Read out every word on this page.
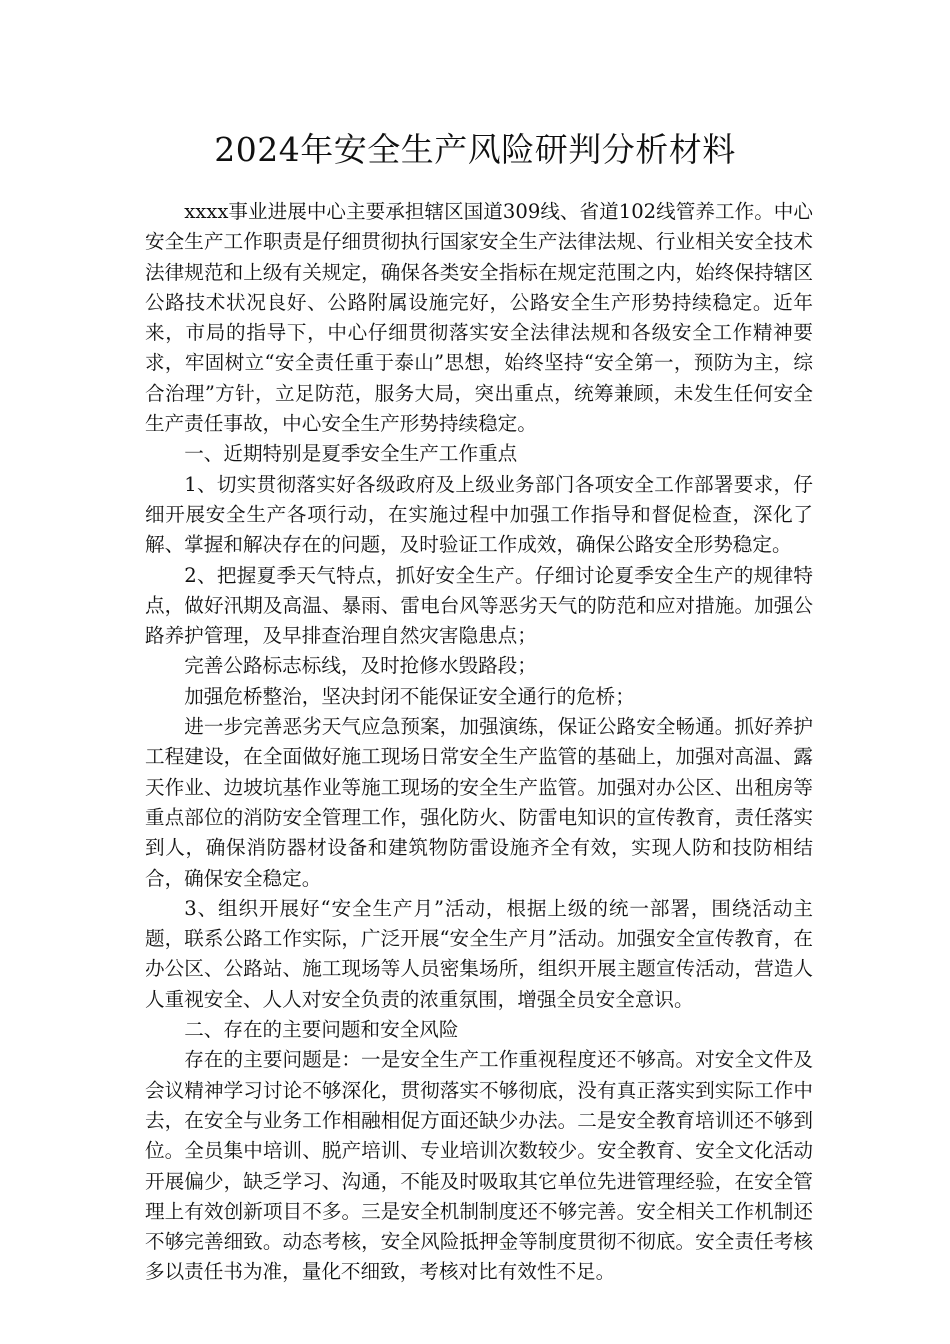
2024年安全生产风险研判分析材料

xxxx事业进展中心主要承担辖区国道309线、省道102线管养工作。中心安全生产工作职责是仔细贯彻执行国家安全生产法律法规、行业相关安全技术法律规范和上级有关规定，确保各类安全指标在规定范围之内，始终保持辖区公路技术状况良好、公路附属设施完好，公路安全生产形势持续稳定。近年来，市局的指导下，中心仔细贯彻落实安全法律法规和各级安全工作精神要求，牢固树立“安全责任重于泰山”思想，始终坚持“安全第一，预防为主，综合治理”方针，立足防范，服务大局，突出重点，统筹兼顾，未发生任何安全生产责任事故，中心安全生产形势持续稳定。

一、近期特别是夏季安全生产工作重点

1、切实贯彻落实好各级政府及上级业务部门各项安全工作部署要求，仔细开展安全生产各项行动，在实施过程中加强工作指导和督促检查，深化了解、掌握和解决存在的问题，及时验证工作成效，确保公路安全形势稳定。

2、把握夏季天气特点，抓好安全生产。仔细讨论夏季安全生产的规律特点，做好汛期及高温、暴雨、雷电台风等恶劣天气的防范和应对措施。加强公路养护管理，及早排查治理自然灾害隐患点；

完善公路标志标线，及时抢修水毁路段；

加强危桥整治，坚决封闭不能保证安全通行的危桥；

进一步完善恶劣天气应急预案，加强演练，保证公路安全畅通。抓好养护工程建设，在全面做好施工现场日常安全生产监管的基础上，加强对高温、露天作业、边坡坑基作业等施工现场的安全生产监管。加强对办公区、出租房等重点部位的消防安全管理工作，强化防火、防雷电知识的宣传教育，责任落实到人，确保消防器材设备和建筑物防雷设施齐全有效，实现人防和技防相结合，确保安全稳定。

3、组织开展好“安全生产月”活动，根据上级的统一部署，围绕活动主题，联系公路工作实际，广泛开展“安全生产月”活动。加强安全宣传教育，在办公区、公路站、施工现场等人员密集场所，组织开展主题宣传活动，营造人人重视安全、人人对安全负责的浓重氛围，增强全员安全意识。

二、存在的主要问题和安全风险

存在的主要问题是：一是安全生产工作重视程度还不够高。对安全文件及会议精神学习讨论不够深化，贯彻落实不够彻底，没有真正落实到实际工作中去，在安全与业务工作相融相促方面还缺少办法。二是安全教育培训还不够到位。全员集中培训、脱产培训、专业培训次数较少。安全教育、安全文化活动开展偏少，缺乏学习、沟通，不能及时吸取其它单位先进管理经验，在安全管理上有效创新项目不多。三是安全机制制度还不够完善。安全相关工作机制还不够完善细致。动态考核，安全风险抵押金等制度贯彻不彻底。安全责任考核多以责任书为准，量化不细致，考核对比有效性不足。
